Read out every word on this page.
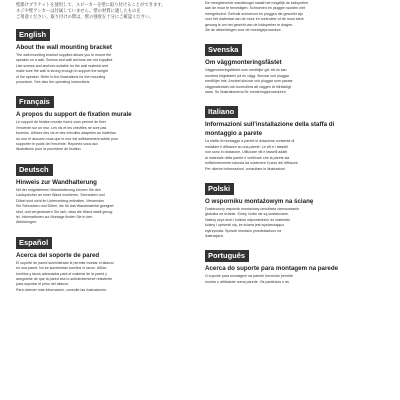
壁掛けブラケットを使用して、スピーカーを壁に取り付けることができます。
ネジや壁アンカーは付属していません。壁の材質に適したものを
ご用意ください。取り付けの際は、壁の強度を十分にご確認ください。
English
About the wall mounting bracket
The wall mounting bracket supplied allows you to mount the
speaker on a wall. Screws and wall anchors are not supplied.
Use screws and anchors suitable for the wall material and
make sure the wall is strong enough to support the weight
of the speaker. Refer to the illustrations for the mounting
procedure. See also the operating instructions.
Français
A propos du support de fixation murale
Le support de fixation murale fourni vous permet de fixer
l’enceinte sur un mur. Les vis et les chevilles ne sont pas
fournies. Utilisez des vis et des chevilles adaptées au matériau
du mur et assurez-vous que le mur est suffisamment solide pour
supporter le poids de l’enceinte. Reportez-vous aux
illustrations pour la procédure de fixation.
Deutsch
Hinweis zur Wandhalterung
Mit der mitgelieferten Wandhalterung können Sie den
Lautsprecher an einer Wand montieren. Schrauben und
Dübel sind nicht im Lieferumfang enthalten. Verwenden
Sie Schrauben und Dübel, die für das Wandmaterial geeignet
sind, und vergewissern Sie sich, dass die Wand stabil genug
ist. Informationen zur Montage finden Sie in den
Abbildungen.
Español
Acerca del soporte de pared
El soporte de pared suministrado le permite montar el altavoz
en una pared. No se suministran tornillos ni tacos. Utilice
tornillos y tacos adecuados para el material de la pared y
asegúrese de que la pared sea lo suficientemente resistente
para soportar el peso del altavoz.
Para obtener más información, consulte las ilustraciones.
De meegeleverde wandbeugel maakt het mogelijk de luidspreker
aan de muur te bevestigen. Schroeven en pluggen worden niet
meegeleverd. Gebruik schroeven en pluggen die geschikt zijn
voor het materiaal van de muur en controleer of de muur sterk
genoeg is om het gewicht van de luidspreker te dragen.
Zie de afbeeldingen voor de montageprocedure.
Svenska
Om väggmonteringsfästet
Väggmonteringsfästet som medföljer gör att du kan
montera högtalaren på en vägg. Skruvar och pluggar
medföljer inte. Använd skruvar och pluggar som passar
väggmaterialet och kontrollera att väggen är tillräckligt
stark. Se illustrationerna för monteringsproceduren.
Italiano
Informazioni sull’installazione della staffa di
montaggio a parete
La staffa di montaggio a parete in dotazione consente di
installare il diffusore su una parete. Le viti e i tasselli
non sono in dotazione. Utilizzare viti e tasselli adatti
al materiale della parete e verificare che la parete sia
sufficientemente robusta da sostenere il peso del diffusore.
Per ulteriori informazioni, consultare le illustrazioni.
Polski
O wsporniku montażowym na ścianę
Dostarczony wspornik montażowy umożliwia zamocowanie
głośnika na ścianie. Śruby i kołki nie są dostarczane.
Należy użyć śrub i kołków odpowiednich do materiału
ściany i upewnić się, że ściana jest wystarczająco
wytrzymała. Sposób montażu przedstawiono na
ilustracjach.
Português
Acerca do suporte para montagem na parede
O suporte para montagem na parede fornecido permite
montar o altifalante numa parede. Os parafusos e as
